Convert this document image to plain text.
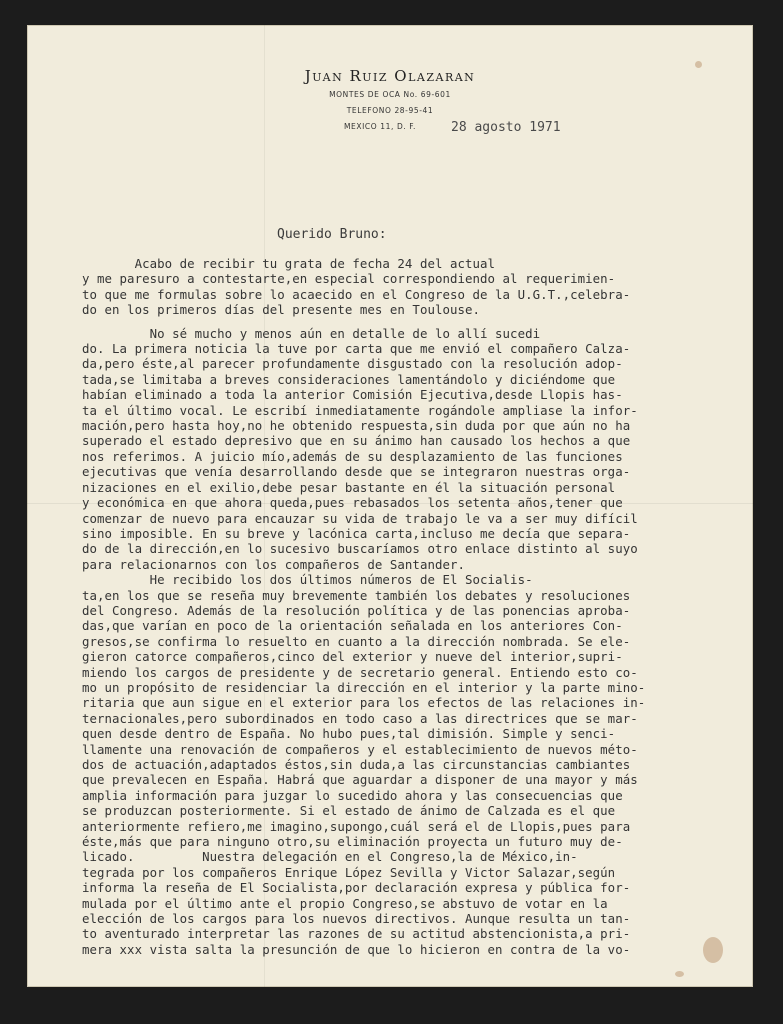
Juan Ruiz Olazaran
MONTES DE OCA No. 69-601
TELEFONO 28-95-41
MEXICO 11, D. F.	28 agosto 1971
Querido Bruno:
Acabo de recibir tu grata de fecha 24 del actual
y me paresuro a contestarte,en especial correspondiendo al requerimien-
to que me formulas sobre lo acaecido en el Congreso de la U.G.T.,celebra-
do en los primeros días del presente mes en Toulouse.
No sé mucho y menos aún en detalle de lo allí sucedi
do. La primera noticia la tuve por carta que me envió el compañero Calza-
da,pero éste,al parecer profundamente disgustado con la resolución adop-
tada,se limitaba a breves consideraciones lamentándolo y diciéndome que
habían eliminado a toda la anterior Comisión Ejecutiva,desde Llopis has-
ta el último vocal. Le escribí inmediatamente rogándole ampliase la infor-
mación,pero hasta hoy,no he obtenido respuesta,sin duda por que aún no ha
superado el estado depresivo que en su ánimo han causado los hechos a que
nos referimos. A juicio mío,además de su desplazamiento de las funciones
ejecutivas que venía desarrollando desde que se integraron nuestras orga-
nizaciones en el exilio,debe pesar bastante en él la situación personal
y económica en que ahora queda,pues rebasados los setenta años,tener que
comenzar de nuevo para encauzar su vida de trabajo le va a ser muy difícil
sino imposible. En su breve y lacónica carta,incluso me decía que separa-
do de la dirección,en lo sucesivo buscaríamos otro enlace distinto al suyo
para relacionarnos con los compañeros de Santander.
He recibido los dos últimos números de El Socialis-
ta,en los que se reseña muy brevemente también los debates y resoluciones
del Congreso. Además de la resolución política y de las ponencias aproba-
das,que varían en poco de la orientación señalada en los anteriores Con-
gresos,se confirma lo resuelto en cuanto a la dirección nombrada. Se ele-
gieron catorce compañeros,cinco del exterior y nueve del interior,supri-
miendo los cargos de presidente y de secretario general. Entiendo esto co-
mo un propósito de residenciar la dirección en el interior y la parte mino-
ritaria que aun sigue en el exterior para los efectos de las relaciones in-
ternacionales,pero subordinados en todo caso a las directrices que se mar-
quen desde dentro de España. No hubo pues,tal dimisión. Simple y senci-
llamente una renovación de compañeros y el establecimiento de nuevos méto-
dos de actuación,adaptados éstos,sin duda,a las circunstancias cambiantes
que prevalecen en España. Habrá que aguardar a disponer de una mayor y más
amplia información para juzgar lo sucedido ahora y las consecuencias que
se produzcan posteriormente. Si el estado de ánimo de Calzada es el que
anteriormente refiero,me imagino,supongo,cuál será el de Llopis,pues para
éste,más que para ninguno otro,su eliminación proyecta un futuro muy de-
licado.         Nuestra delegación en el Congreso,la de México,in-
tegrada por los compañeros Enrique López Sevilla y Victor Salazar,según
informa la reseña de El Socialista,por declaración expresa y pública for-
mulada por el último ante el propio Congreso,se abstuvo de votar en la
elección de los cargos para los nuevos directivos. Aunque resulta un tan-
to aventurado interpretar las razones de su actitud abstencionista,a pri-
mera xxx vista salta la presunción de que lo hicieron en contra de la vo-
